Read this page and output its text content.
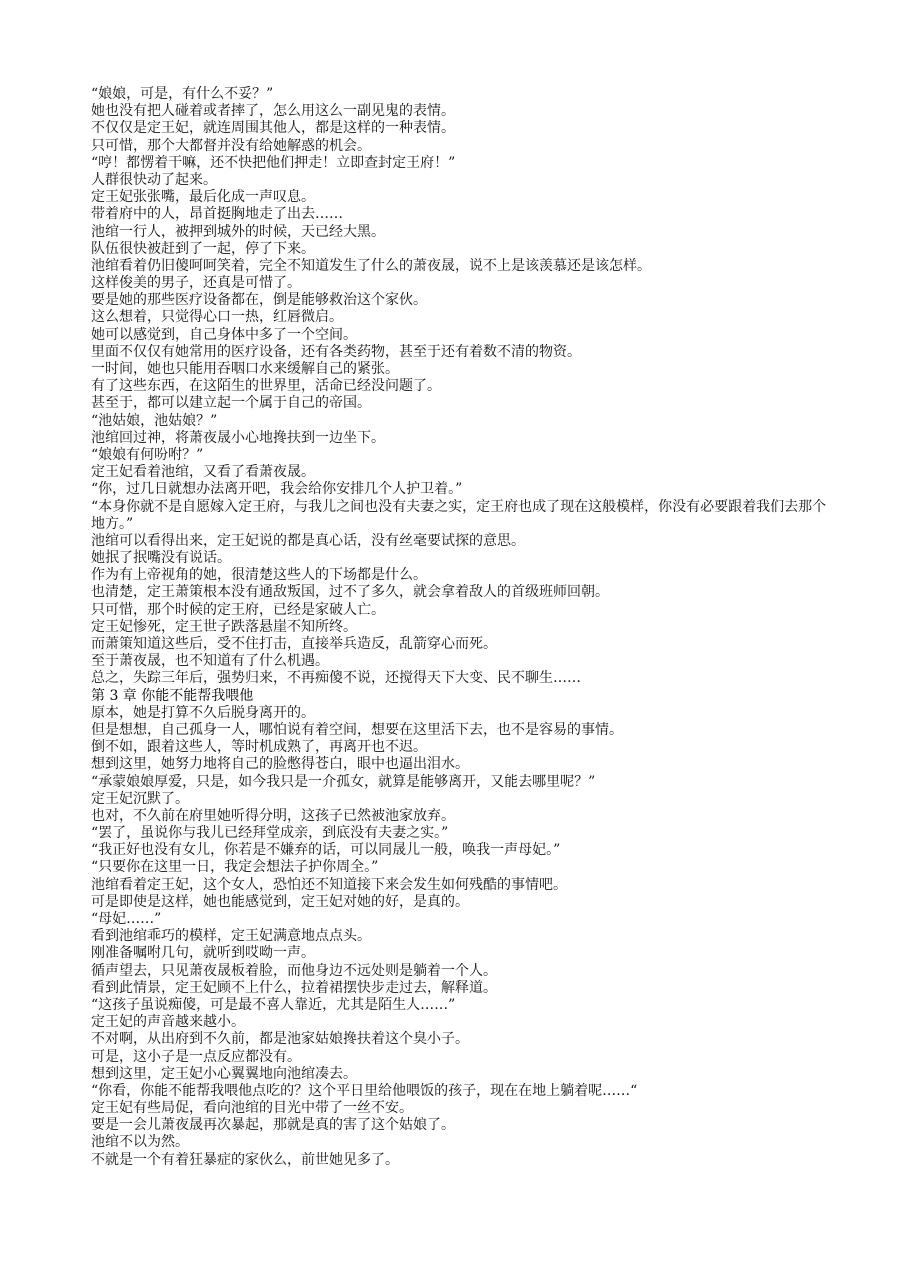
“娘娘，可是，有什么不妥？”
她也没有把人碰着或者摔了，怎么用这么一副见鬼的表情。
不仅仅是定王妃，就连周围其他人，都是这样的一种表情。
只可惜，那个大都督并没有给她解惑的机会。
“哼！都愣着干嘛，还不快把他们押走！立即查封定王府！”
人群很快动了起来。
定王妃张张嘴，最后化成一声叹息。
带着府中的人，昂首挺胸地走了出去……
池绾一行人，被押到城外的时候，天已经大黑。
队伍很快被赶到了一起，停了下来。
池绾看着仍旧傻呵呵笑着，完全不知道发生了什么的萧夜晟，说不上是该羡慕还是该怎样。
这样俊美的男子，还真是可惜了。
要是她的那些医疗设备都在，倒是能够救治这个家伙。
这么想着，只觉得心口一热，红唇微启。
她可以感觉到，自己身体中多了一个空间。
里面不仅仅有她常用的医疗设备，还有各类药物，甚至于还有着数不清的物资。
一时间，她也只能用吞咽口水来缓解自己的紧张。
有了这些东西，在这陌生的世界里，活命已经没问题了。
甚至于，都可以建立起一个属于自己的帝国。
“池姑娘，池姑娘？”
池绾回过神，将萧夜晟小心地搀扶到一边坐下。
“娘娘有何吩咐？”
定王妃看着池绾，又看了看萧夜晟。
“你，过几日就想办法离开吧，我会给你安排几个人护卫着。”
“本身你就不是自愿嫁入定王府，与我儿之间也没有夫妻之实，定王府也成了现在这般模样，你没有必要跟着我们去那个地方。”
池绾可以看得出来，定王妃说的都是真心话，没有丝毫要试探的意思。
她抿了抿嘴没有说话。
作为有上帝视角的她，很清楚这些人的下场都是什么。
也清楚，定王萧策根本没有通敌叛国，过不了多久，就会拿着敌人的首级班师回朝。
只可惜，那个时候的定王府，已经是家破人亡。
定王妃惨死，定王世子跌落悬崖不知所终。
而萧策知道这些后，受不住打击，直接举兵造反，乱箭穿心而死。
至于萧夜晟，也不知道有了什么机遇。
总之，失踪三年后，强势归来，不再痴傻不说，还搅得天下大变、民不聊生……
第 3 章 你能不能帮我喂他
原本，她是打算不久后脱身离开的。
但是想想，自己孤身一人，哪怕说有着空间，想要在这里活下去，也不是容易的事情。
倒不如，跟着这些人，等时机成熟了，再离开也不迟。
想到这里，她努力地将自己的脸憋得苍白，眼中也逼出泪水。
“承蒙娘娘厚爱，只是，如今我只是一介孤女，就算是能够离开，又能去哪里呢？”
定王妃沉默了。
也对，不久前在府里她听得分明，这孩子已然被池家放弃。
“罢了，虽说你与我儿已经拜堂成亲，到底没有夫妻之实。”
“我正好也没有女儿，你若是不嫌弃的话，可以同晟儿一般，唤我一声母妃。”
“只要你在这里一日，我定会想法子护你周全。”
池绾看着定王妃，这个女人，恐怕还不知道接下来会发生如何残酷的事情吧。
可是即使是这样，她也能感觉到，定王妃对她的好，是真的。
“母妃……”
看到池绾乖巧的模样，定王妃满意地点点头。
刚准备嘱咐几句，就听到哎呦一声。
循声望去，只见萧夜晟板着脸，而他身边不远处则是躺着一个人。
看到此情景，定王妃顾不上什么，拉着裙摆快步走过去，解释道。
“这孩子虽说痴傻，可是最不喜人靠近，尤其是陌生人……”
定王妃的声音越来越小。
不对啊，从出府到不久前，都是池家姑娘搀扶着这个臭小子。
可是，这小子是一点反应都没有。
想到这里，定王妃小心翼翼地向池绾凑去。
“你看，你能不能帮我喂他点吃的？这个平日里给他喂饭的孩子，现在在地上躺着呢……“
定王妃有些局促，看向池绾的目光中带了一丝不安。
要是一会儿萧夜晟再次暴起，那就是真的害了这个姑娘了。
池绾不以为然。
不就是一个有着狂暴症的家伙么，前世她见多了。
